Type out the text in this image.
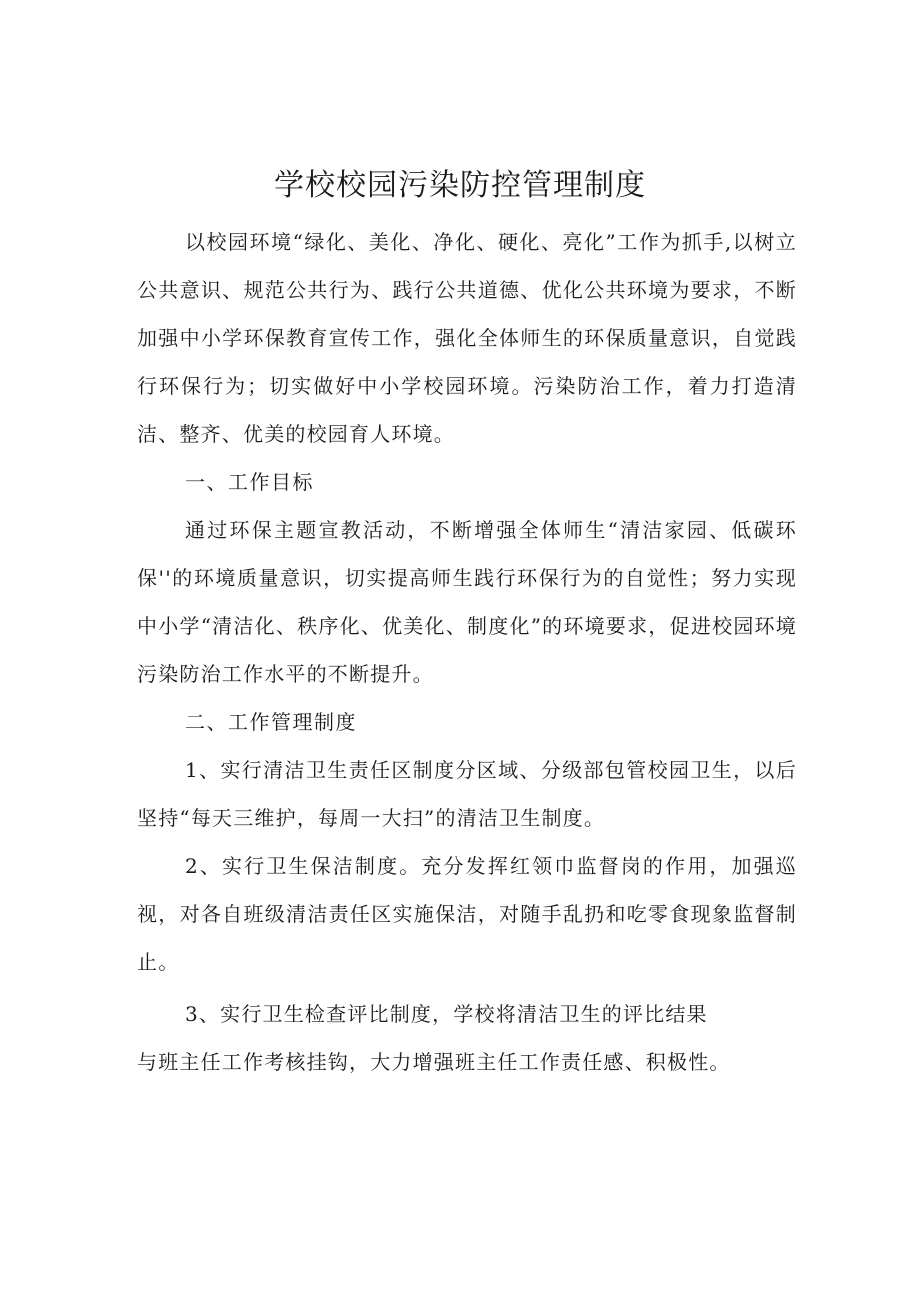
学校校园污染防控管理制度

以校园环境“绿化、美化、净化、硬化、亮化”工作为抓手,以树立公共意识、规范公共行为、践行公共道德、优化公共环境为要求，不断加强中小学环保教育宣传工作，强化全体师生的环保质量意识，自觉践行环保行为；切实做好中小学校园环境。污染防治工作，着力打造清洁、整齐、优美的校园育人环境。

一、工作目标

通过环保主题宣教活动，不断增强全体师生“清洁家园、低碳环保''的环境质量意识，切实提高师生践行环保行为的自觉性；努力实现中小学“清洁化、秩序化、优美化、制度化”的环境要求，促进校园环境污染防治工作水平的不断提升。

二、工作管理制度

1、实行清洁卫生责任区制度分区域、分级部包管校园卫生，以后坚持“每天三维护，每周一大扫”的清洁卫生制度。

2、实行卫生保洁制度。充分发挥红领巾监督岗的作用，加强巡视，对各自班级清洁责任区实施保洁，对随手乱扔和吃零食现象监督制止。

3、实行卫生检查评比制度，学校将清洁卫生的评比结果

与班主任工作考核挂钩，大力增强班主任工作责任感、积极性。
